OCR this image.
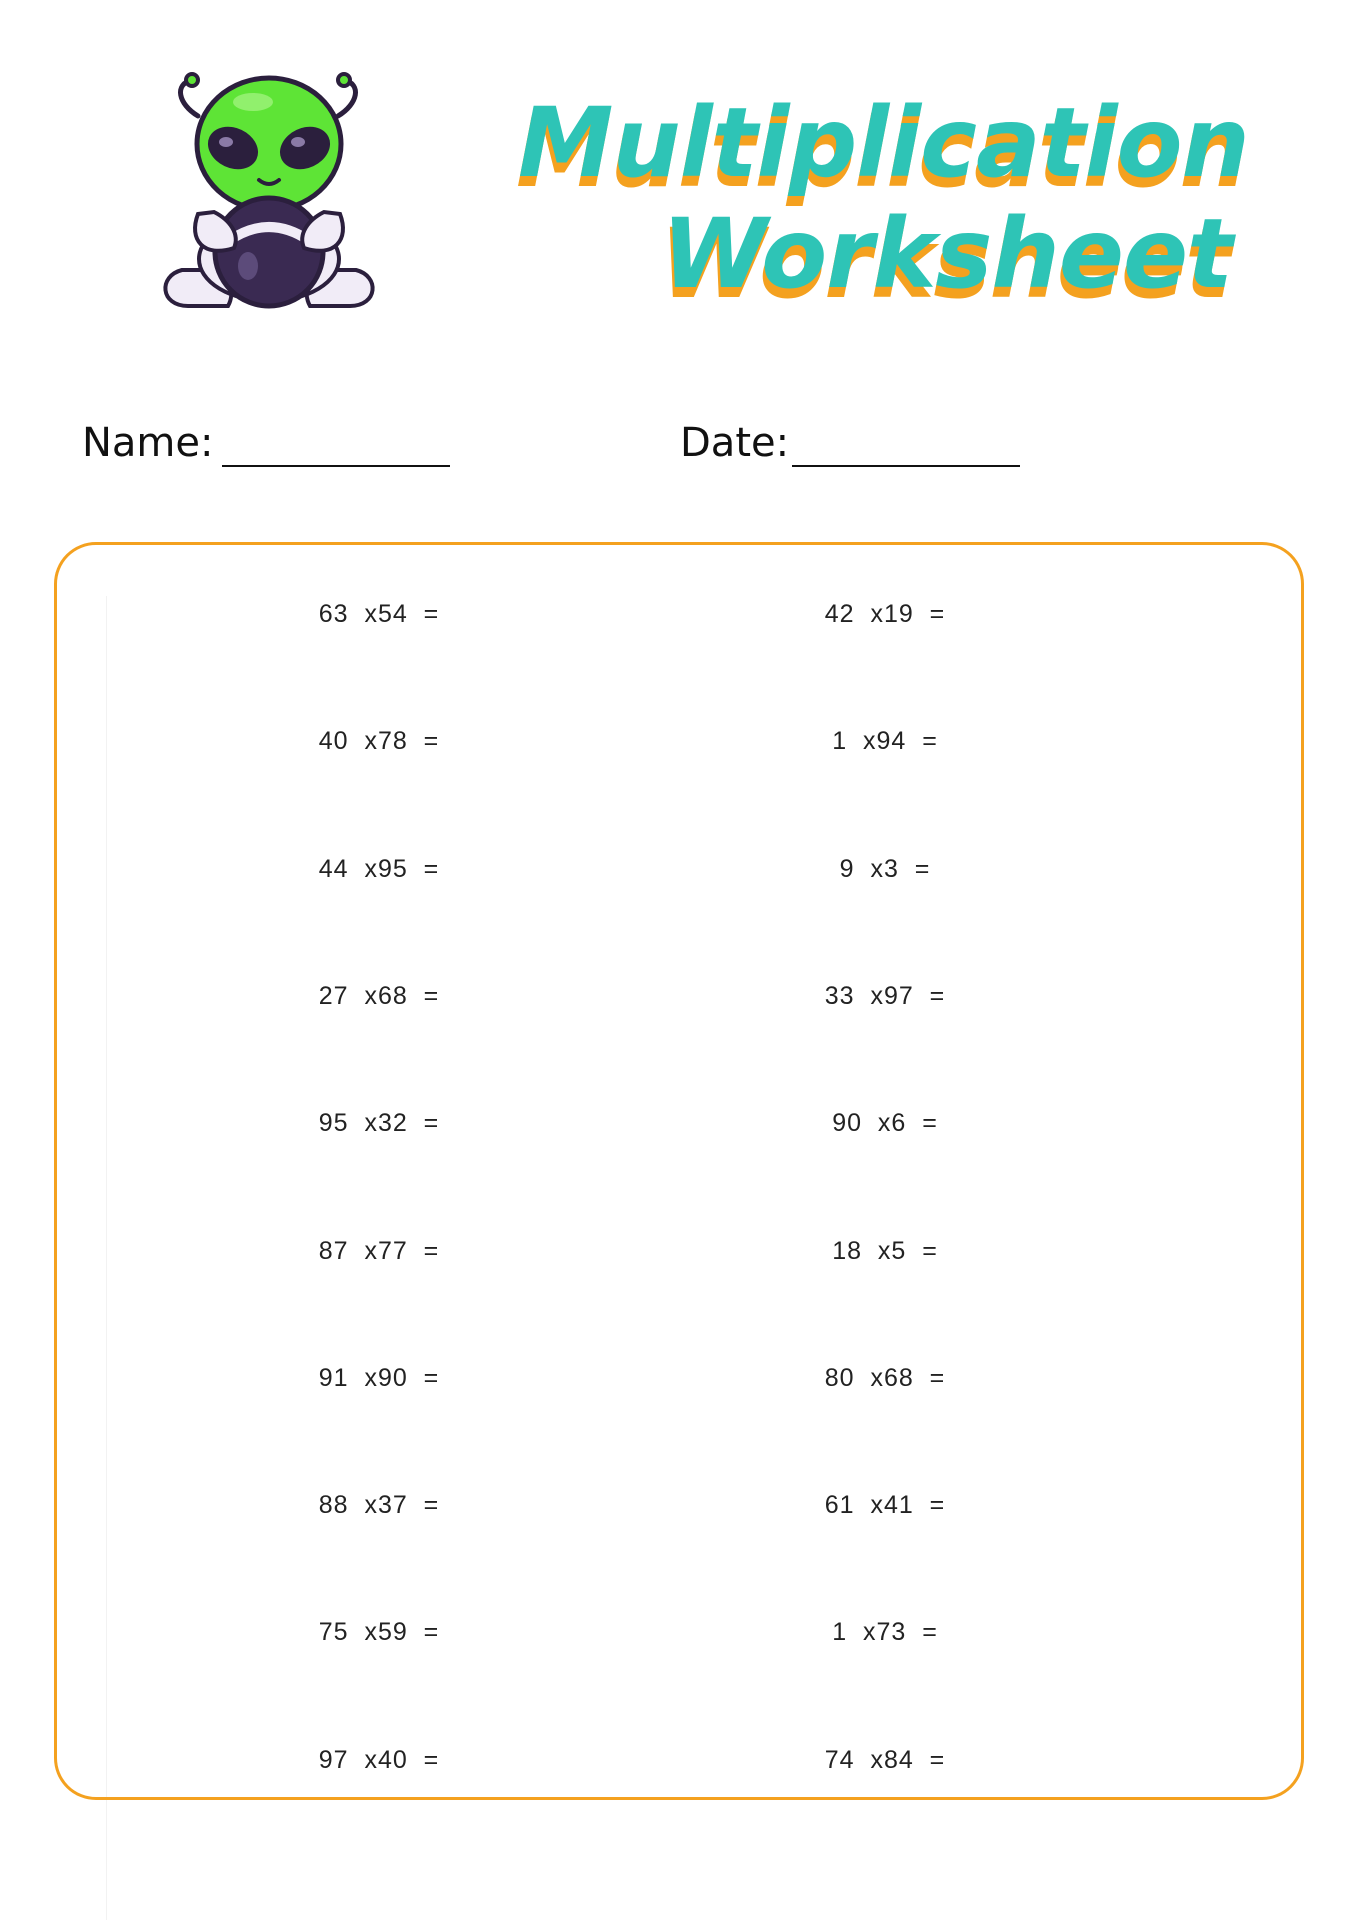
Multiplication
Worksheet
Name:	Date:
63  x54  =
40  x78  =
44  x95  =
27  x68  =
95  x32  =
87  x77  =
91  x90  =
88  x37  =
75  x59  =
97  x40  =
42  x19  =
1  x94  =
9  x3  =
33  x97  =
90  x6  =
18  x5  =
80  x68  =
61  x41  =
1  x73  =
74  x84  =
